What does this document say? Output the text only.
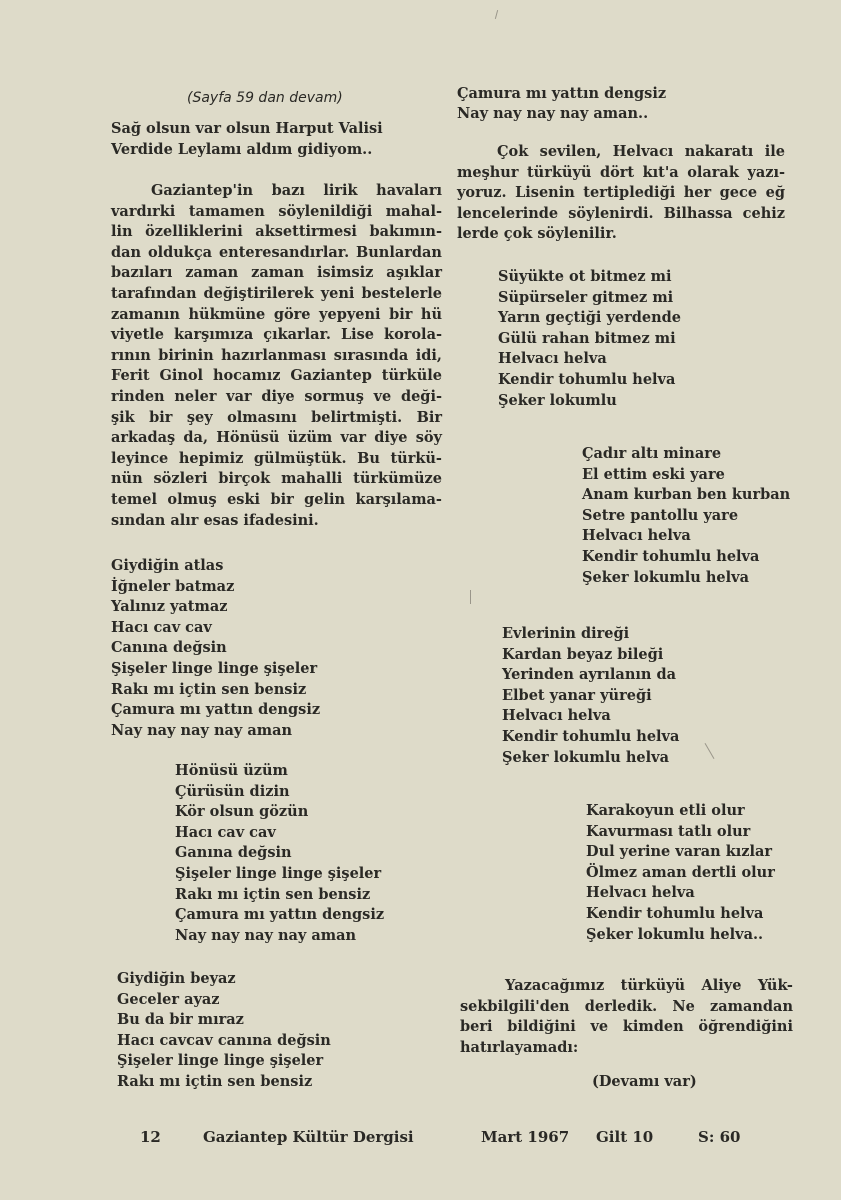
(Sayfa 59 dan devam)
Sağ olsun var olsun Harput Valisi
Verdide Leylamı aldım gidiyom..
Gaziantep'in bazı lirik havaları
vardırki tamamen söylenildiği mahal-
lin özelliklerini aksettirmesi bakımın-
dan oldukça enteresandırlar. Bunlardan
bazıları zaman zaman isimsiz aşıklar
tarafından değiştirilerek yeni bestelerle
zamanın hükmüne göre yepyeni bir hü
viyetle karşımıza çıkarlar. Lise korola-
rının birinin hazırlanması sırasında idi,
Ferit Ginol hocamız Gaziantep türküle
rinden neler var diye sormuş ve deği-
şik bir şey olmasını belirtmişti. Bir
arkadaş da, Hönüsü üzüm var diye söy
leyince hepimiz gülmüştük. Bu türkü-
nün sözleri birçok mahalli türkümüze
temel olmuş eski bir gelin karşılama-
sından alır esas ifadesini.
Giydiğin atlas
İğneler batmaz
Yalınız yatmaz
Hacı cav cav
Canına değsin
Şişeler linge linge şişeler
Rakı mı içtin sen bensiz
Çamura mı yattın dengsiz
Nay nay nay nay aman
Hönüsü üzüm
Çürüsün dizin
Kör olsun gözün
Hacı cav cav
Ganına değsin
Şişeler linge linge şişeler
Rakı mı içtin sen bensiz
Çamura mı yattın dengsiz
Nay nay nay nay aman
Giydiğin beyaz
Geceler ayaz
Bu da bir mıraz
Hacı cavcav canına değsin
Şişeler linge linge şişeler
Rakı mı içtin sen bensiz
Çamura mı yattın dengsiz
Nay nay nay nay aman..
Çok sevilen, Helvacı nakaratı ile
meşhur türküyü dört kıt'a olarak yazı-
yoruz. Lisenin tertiplediği her gece eğ
lencelerinde söylenirdi. Bilhassa cehiz
lerde çok söylenilir.
Süyükte ot bitmez mi
Süpürseler gitmez mi
Yarın geçtiği yerdende
Gülü rahan bitmez mi
Helvacı helva
Kendir tohumlu helva
Şeker lokumlu
Çadır altı minare
El ettim eski yare
Anam kurban ben kurban
Setre pantollu yare
Helvacı helva
Kendir tohumlu helva
Şeker lokumlu helva
Evlerinin direği
Kardan beyaz bileği
Yerinden ayrılanın da
Elbet yanar yüreği
Helvacı helva
Kendir tohumlu helva
Şeker lokumlu helva
Karakoyun etli olur
Kavurması tatlı olur
Dul yerine varan kızlar
Ölmez aman dertli olur
Helvacı helva
Kendir tohumlu helva
Şeker lokumlu helva..
Yazacağımız türküyü Aliye Yük-
sekbilgili'den derledik. Ne zamandan
beri bildiğini ve kimden öğrendiğini
hatırlayamadı:
(Devamı var)
12	Gaziantep Kültür Dergisi	Mart 1967 Gilt 10	S: 60
